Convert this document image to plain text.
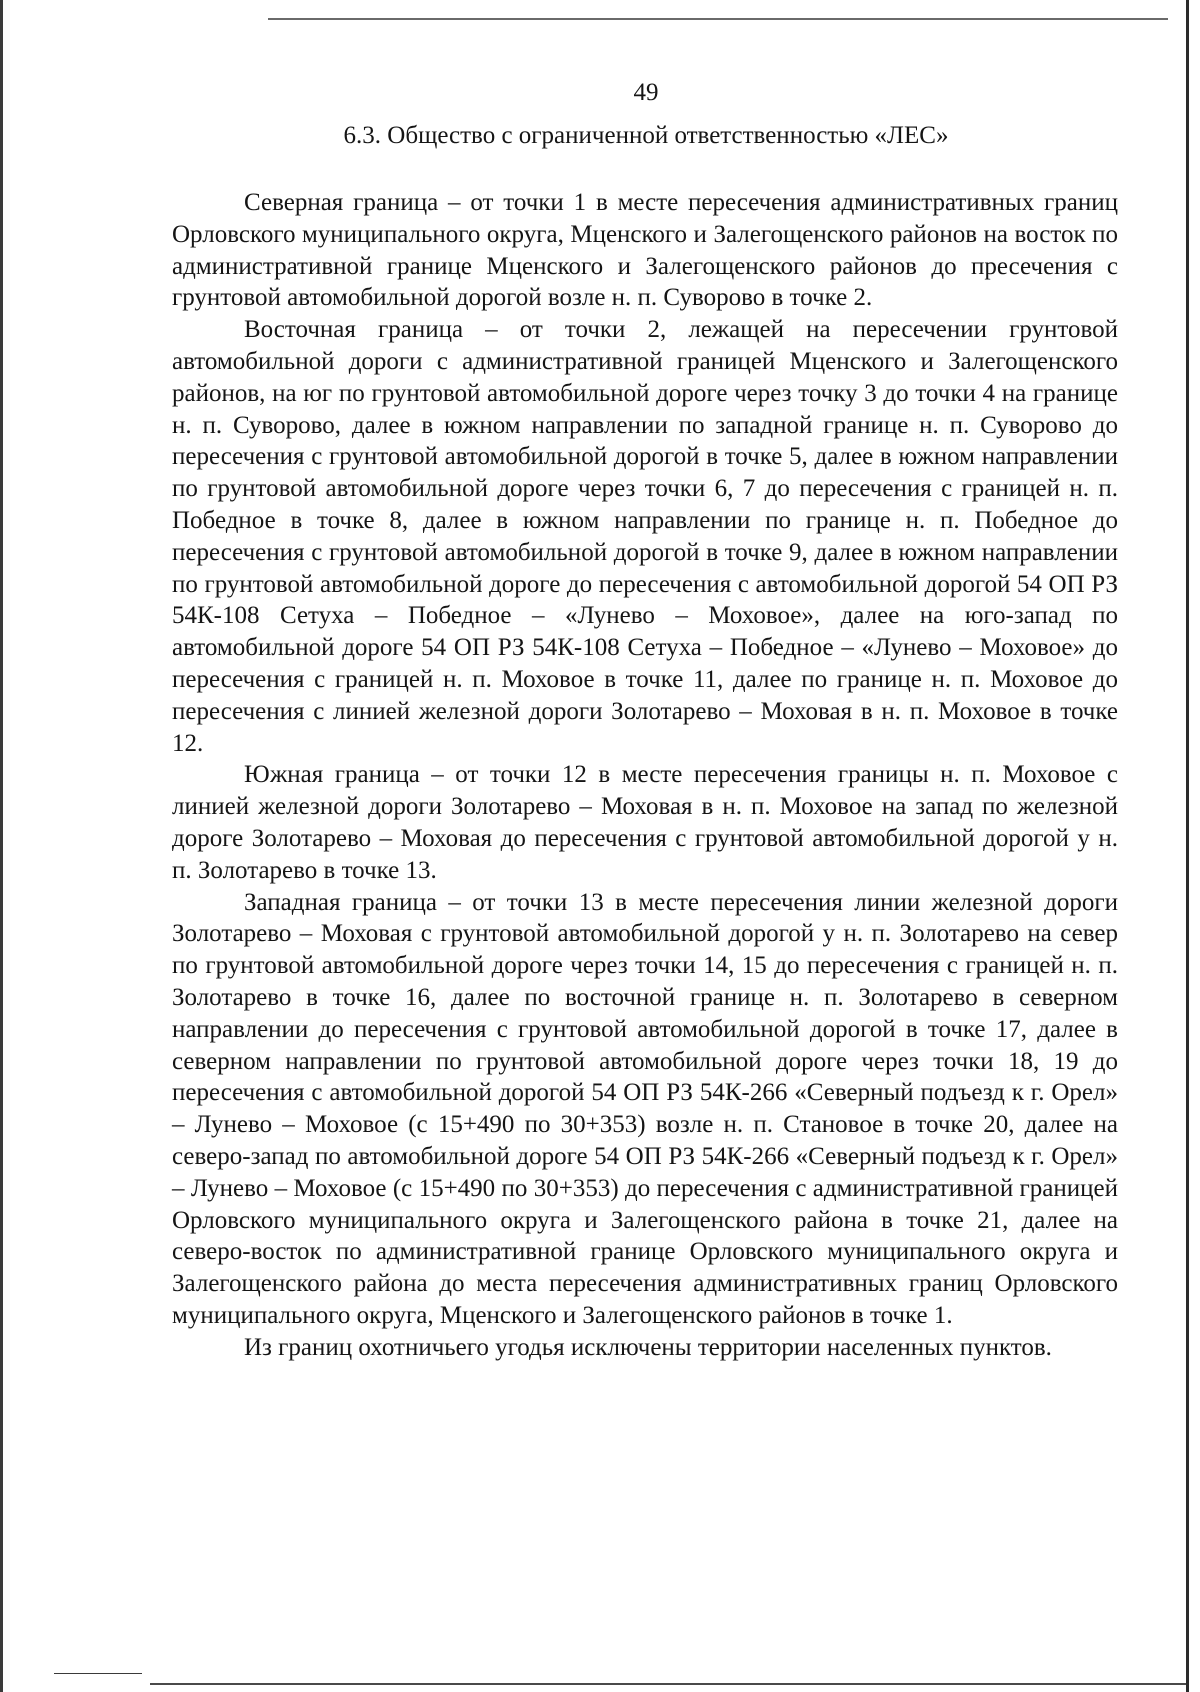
49
6.3. Общество с ограниченной ответственностью «ЛЕС»

Северная граница – от точки 1 в месте пересечения административных границ Орловского муниципального округа, Мценского и Залегощенского районов на восток по административной границе Мценского и Залегощенского районов до пресечения с грунтовой автомобильной дорогой возле н. п. Суворово в точке 2.

Восточная граница – от точки 2, лежащей на пересечении грунтовой автомобильной дороги с административной границей Мценского и Залегощенского районов, на юг по грунтовой автомобильной дороге через точку 3 до точки 4 на границе н. п. Суворово, далее в южном направлении по западной границе н. п. Суворово до пересечения с грунтовой автомобильной дорогой в точке 5, далее в южном направлении по грунтовой автомобильной дороге через точки 6, 7 до пересечения с границей н. п. Победное в точке 8, далее в южном направлении по границе н. п. Победное до пересечения с грунтовой автомобильной дорогой в точке 9, далее в южном направлении по грунтовой автомобильной дороге до пересечения с автомобильной дорогой 54 ОП РЗ 54К-108 Сетуха – Победное – «Лунево – Моховое», далее на юго-запад по автомобильной дороге 54 ОП РЗ 54К-108 Сетуха – Победное – «Лунево – Моховое» до пересечения с границей н. п. Моховое в точке 11, далее по границе н. п. Моховое до пересечения с линией железной дороги Золотарево – Моховая в н. п. Моховое в точке 12.

Южная граница – от точки 12 в месте пересечения границы н. п. Моховое с линией железной дороги Золотарево – Моховая в н. п. Моховое на запад по железной дороге Золотарево – Моховая до пересечения с грунтовой автомобильной дорогой у н. п. Золотарево в точке 13.

Западная граница – от точки 13 в месте пересечения линии железной дороги Золотарево – Моховая с грунтовой автомобильной дорогой у н. п. Золотарево на север по грунтовой автомобильной дороге через точки 14, 15 до пересечения с границей н. п. Золотарево в точке 16, далее по восточной границе н. п. Золотарево в северном направлении до пересечения с грунтовой автомобильной дорогой в точке 17, далее в северном направлении по грунтовой автомобильной дороге через точки 18, 19 до пересечения с автомобильной дорогой 54 ОП РЗ 54К-266 «Северный подъезд к г. Орел» – Лунево – Моховое (с 15+490 по 30+353) возле н. п. Становое в точке 20, далее на северо-запад по автомобильной дороге 54 ОП РЗ 54К-266 «Северный подъезд к г. Орел» – Лунево – Моховое (с 15+490 по 30+353) до пересечения с административной границей Орловского муниципального округа и Залегощенского района в точке 21, далее на северо-восток по административной границе Орловского муниципального округа и Залегощенского района до места пересечения административных границ Орловского муниципального округа, Мценского и Залегощенского районов в точке 1.

Из границ охотничьего угодья исключены территории населенных пунктов.
